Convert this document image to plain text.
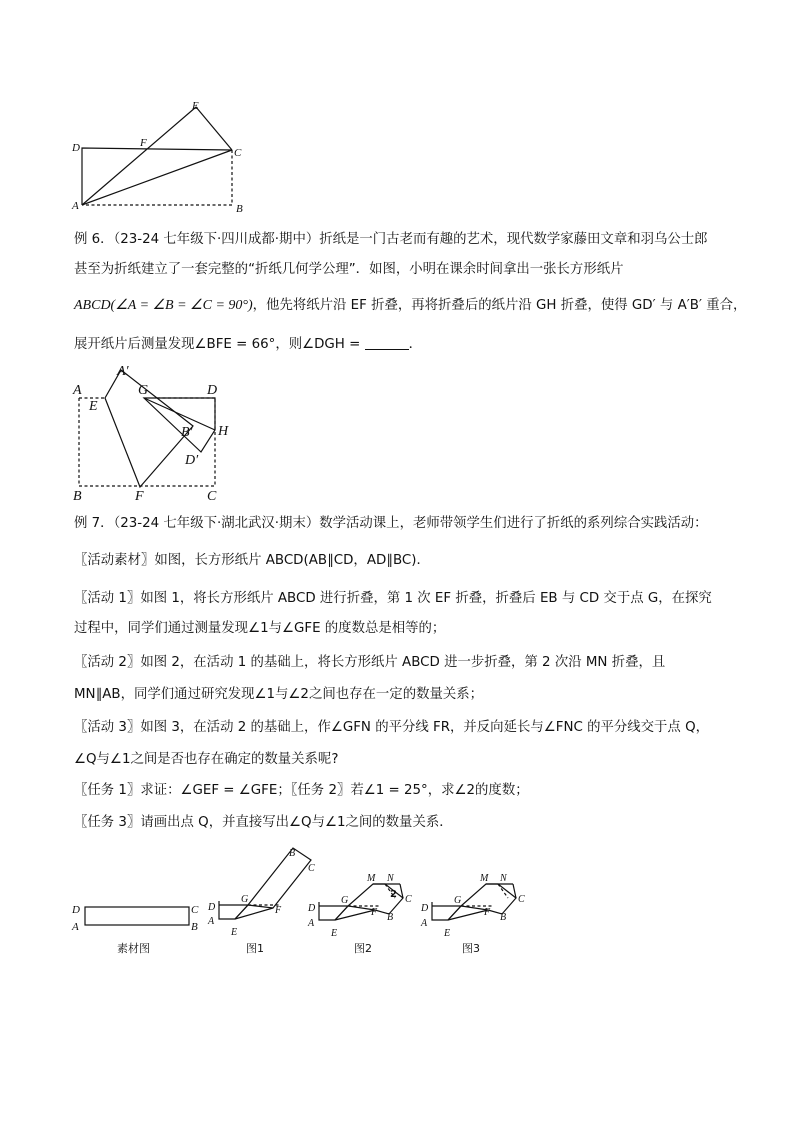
E
F
D	C
A	B
例 6．（23-24 七年级下·四川成都·期中）折纸是一门古老而有趣的艺术，现代数学家藤田文章和羽乌公士郎
甚至为折纸建立了一套完整的“折纸几何学公理”．如图，小明在课余时间拿出一张长方形纸片
ABCD(∠A = ∠B = ∠C = 90°)，他先将纸片沿 EF 折叠，再将折叠后的纸片沿 GH 折叠，使得 GD′ 与 A′B′ 重合，
展开纸片后测量发现∠BFE = 66°，则∠DGH =	．
A
A′
G	D
E
B′ H
D′
B	F	C
例 7．（23-24 七年级下·湖北武汉·期末）数学活动课上，老师带领学生们进行了折纸的系列综合实践活动：
〖活动素材〗如图，长方形纸片 ABCD(AB∥CD，AD∥BC)．
〖活动 1〗如图 1，将长方形纸片 ABCD 进行折叠，第 1 次 EF 折叠，折叠后 EB 与 CD 交于点 G，在探究
过程中，同学们通过测量发现∠1与∠GFE 的度数总是相等的；
〖活动 2〗如图 2，在活动 1 的基础上，将长方形纸片 ABCD 进一步折叠，第 2 次沿 MN 折叠，且
MN∥AB，同学们通过研究发现∠1与∠2之间也存在一定的数量关系；
〖活动 3〗如图 3，在活动 2 的基础上，作∠GFN 的平分线 FR，并反向延长与∠FNC 的平分线交于点 Q，
∠Q与∠1之间是否也存在确定的数量关系呢?
〖任务 1〗求证：∠GEF = ∠GFE；〖任务 2〗若∠1 = 25°，求∠2的度数；
〖任务 3〗请画出点 Q，并直接写出∠Q与∠1之间的数量关系．
D
A
C
B
素材图
B
C
G
F
D
A
E
图1
M N
2 C
G
F B
D
A
E
图2
M N
C
G
F B
D
A
E
图3
